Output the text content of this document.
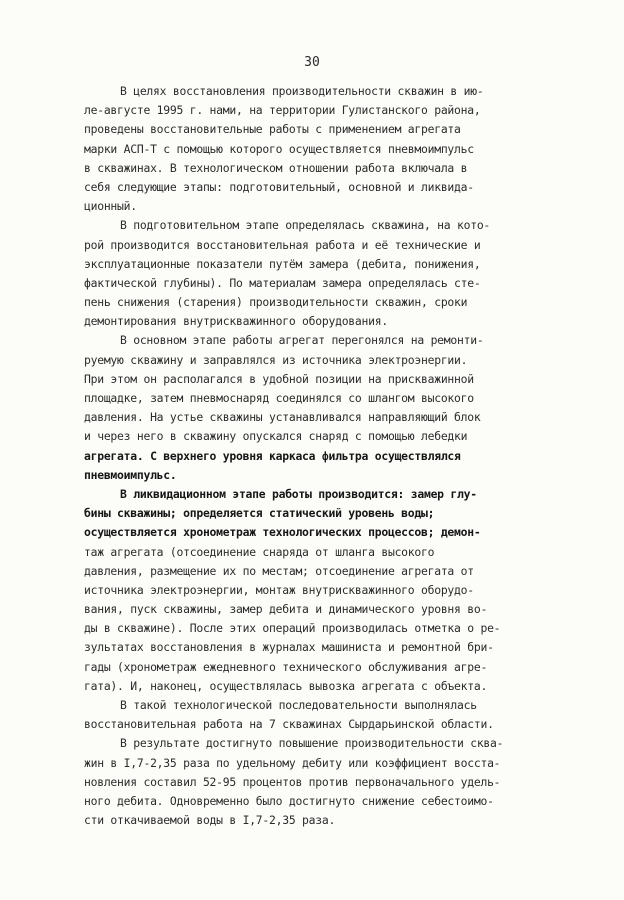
30
В целях восстановления производительности скважин в ию-
ле-августе 1995 г. нами, на территории Гулистанского района,
проведены восстановительные работы с применением агрегата
марки АСП-Т с помощью которого осуществляется пневмоимпульс
в скважинах. В технологическом отношении работа включала в
себя следующие этапы: подготовительный, основной и ликвида-
ционный.
В подготовительном этапе определялась скважина, на кото-
рой производится восстановительная работа и её технические и
эксплуатационные показатели путём замера (дебита, понижения,
фактической глубины). По материалам замера определялась сте-
пень снижения (старения) производительности скважин, сроки
демонтирования внутрискважинного оборудования.
В основном этапе работы агрегат перегонялся на ремонти-
руемую скважину и заправлялся из источника электроэнергии.
При этом он располагался в удобной позиции на прискважинной
площадке, затем пневмоснаряд соединялся со шлангом высокого
давления. На устье скважины устанавливался направляющий блок
и через него в скважину опускался снаряд с помощью лебедки
агрегата. С верхнего уровня каркаса фильтра осуществлялся
пневмоимпульс.
В ликвидационном этапе работы производится: замер глу-
бины скважины; определяется статический уровень воды;
осуществляется хронометраж технологических процессов; демон-
таж агрегата (отсоединение снаряда от шланга высокого
давления, размещение их по местам; отсоединение агрегата от
источника электроэнергии, монтаж внутрискважинного оборудо-
вания, пуск скважины, замер дебита и динамического уровня во-
ды в скважине). После этих операций производилась отметка о ре-
зультатах восстановления в журналах машиниста и ремонтной бри-
гады (хронометраж ежедневного технического обслуживания агре-
гата). И, наконец, осуществлялась вывозка агрегата с объекта.
В такой технологической последовательности выполнялась
восстановительная работа на 7 скважинах Сырдарьинской области.
В результате достигнуто повышение производительности сква-
жин в I,7-2,35 раза по удельному дебиту или коэффициент восста-
новления составил 52-95 процентов против первоначального удель-
ного дебита. Одновременно было достигнуто снижение себестоимо-
сти откачиваемой воды в I,7-2,35 раза.
